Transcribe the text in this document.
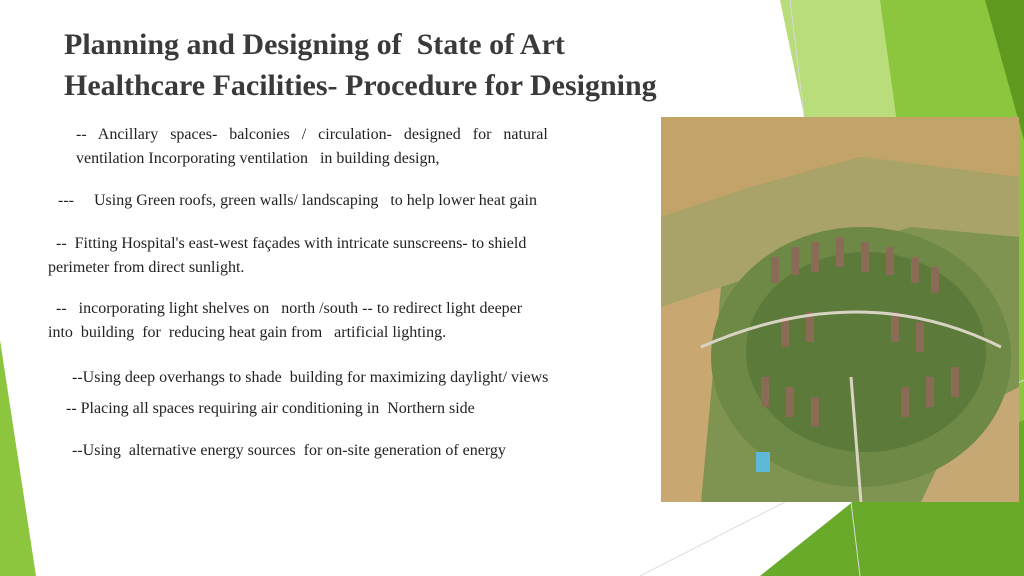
Planning and Designing of  State of Art
Healthcare Facilities- Procedure for Designing

--   Ancillary   spaces-   balconies   /   circulation-   designed   for   natural
ventilation Incorporating ventilation   in building design,

---     Using Green roofs, green walls/ landscaping   to help lower heat gain

--  Fitting Hospital's east-west façades with intricate sunscreens- to shield
perimeter from direct sunlight.

--   incorporating light shelves on   north /south -- to redirect light deeper
into  building  for  reducing heat gain from   artificial lighting.

--Using deep overhangs to shade  building for maximizing daylight/ views

-- Placing all spaces requiring air conditioning in  Northern side

--Using  alternative energy sources  for on-site generation of energy
